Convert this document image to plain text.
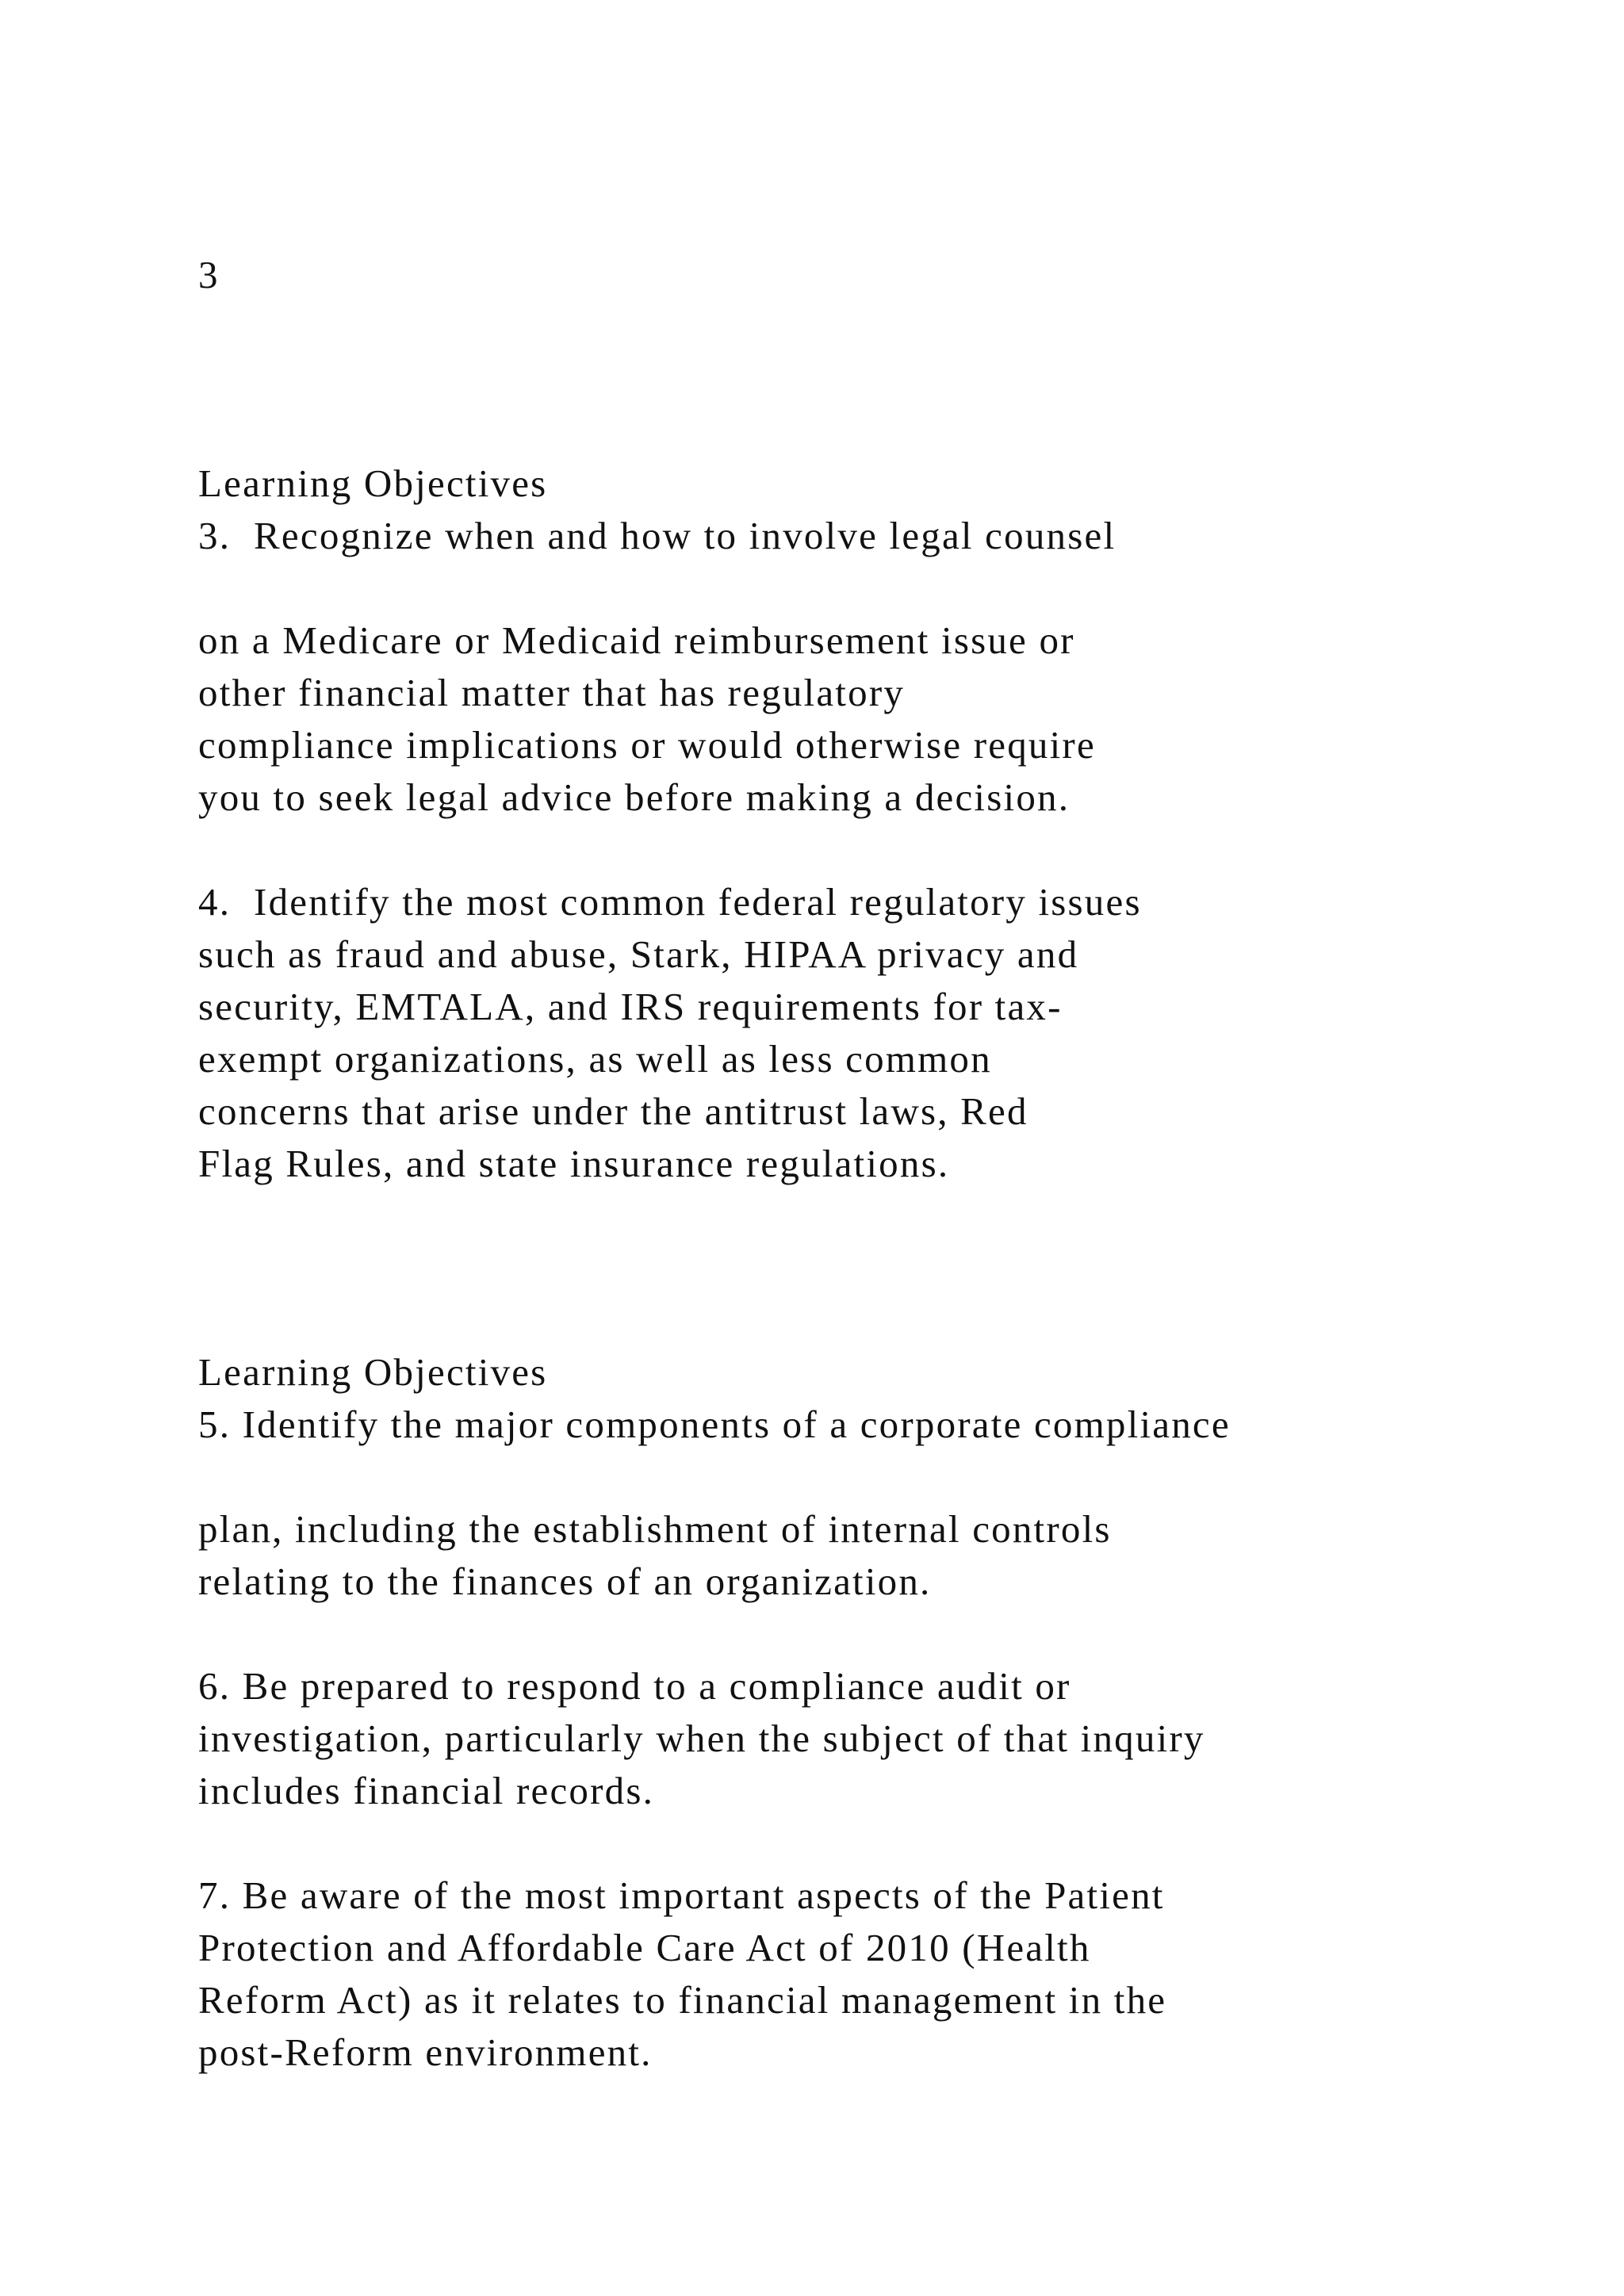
3
Learning Objectives
3.  Recognize when and how to involve legal counsel
on a Medicare or Medicaid reimbursement issue or
other financial matter that has regulatory
compliance implications or would otherwise require
you to seek legal advice before making a decision.
4.  Identify the most common federal regulatory issues
such as fraud and abuse, Stark, HIPAA privacy and
security, EMTALA, and IRS requirements for tax-
exempt organizations, as well as less common
concerns that arise under the antitrust laws, Red
Flag Rules, and state insurance regulations.
Learning Objectives
5. Identify the major components of a corporate compliance
plan, including the establishment of internal controls
relating to the finances of an organization.
6. Be prepared to respond to a compliance audit or
investigation, particularly when the subject of that inquiry
includes financial records.
7. Be aware of the most important aspects of the Patient
Protection and Affordable Care Act of 2010 (Health
Reform Act) as it relates to financial management in the
post-Reform environment.
